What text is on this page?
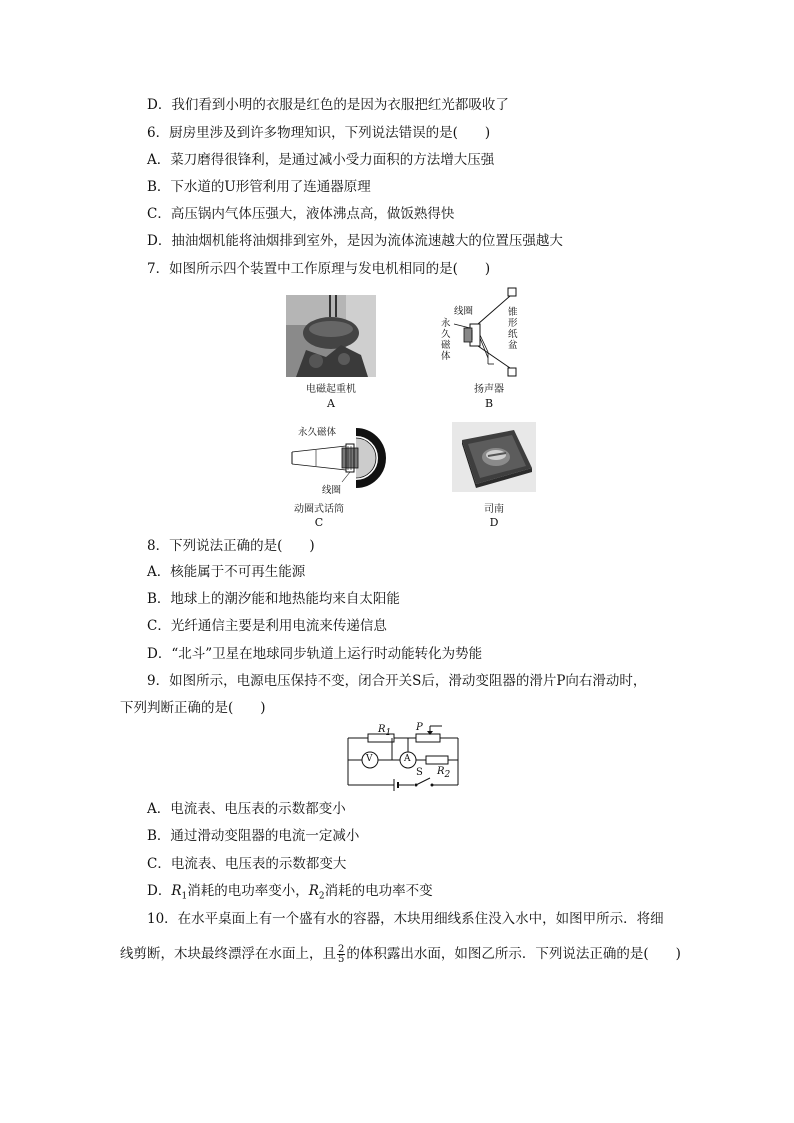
D．我们看到小明的衣服是红色的是因为衣服把红光都吸收了
6．厨房里涉及到许多物理知识，下列说法错误的是(　　)
A．菜刀磨得很锋利，是通过减小受力面积的方法增大压强
B．下水道的U形管利用了连通器原理
C．高压锅内气体压强大，液体沸点高，做饭熟得快
D．抽油烟机能将油烟排到室外，是因为流体流速越大的位置压强越大
7．如图所示四个装置中工作原理与发电机相同的是(　　)
电磁起重机
A
线圈	锥形纸盆
永久磁体
扬声器
B
永久磁体
线圈
动圈式话筒
C
司南
D
8．下列说法正确的是(　　)
A．核能属于不可再生能源
B．地球上的潮汐能和地热能均来自太阳能
C．光纤通信主要是利用电流来传递信息
D．“北斗”卫星在地球同步轨道上运行时动能转化为势能
9．如图所示，电源电压保持不变，闭合开关S后，滑动变阻器的滑片P向右滑动时，
下列判断正确的是(　　)
$R_1$ P
V	A
$R_2$
S
A．电流表、电压表的示数都变小
B．通过滑动变阻器的电流一定减小
C．电流表、电压表的示数都变大
D．$R_1$消耗的电功率变小，$R_2$消耗的电功率不变
10．在水平桌面上有一个盛有水的容器，木块用细线系住没入水中，如图甲所示．将细
线剪断，木块最终漂浮在水面上，且 $\frac{2}{5}$ 的体积露出水面，如图乙所示．下列说法正确的是(　　)
